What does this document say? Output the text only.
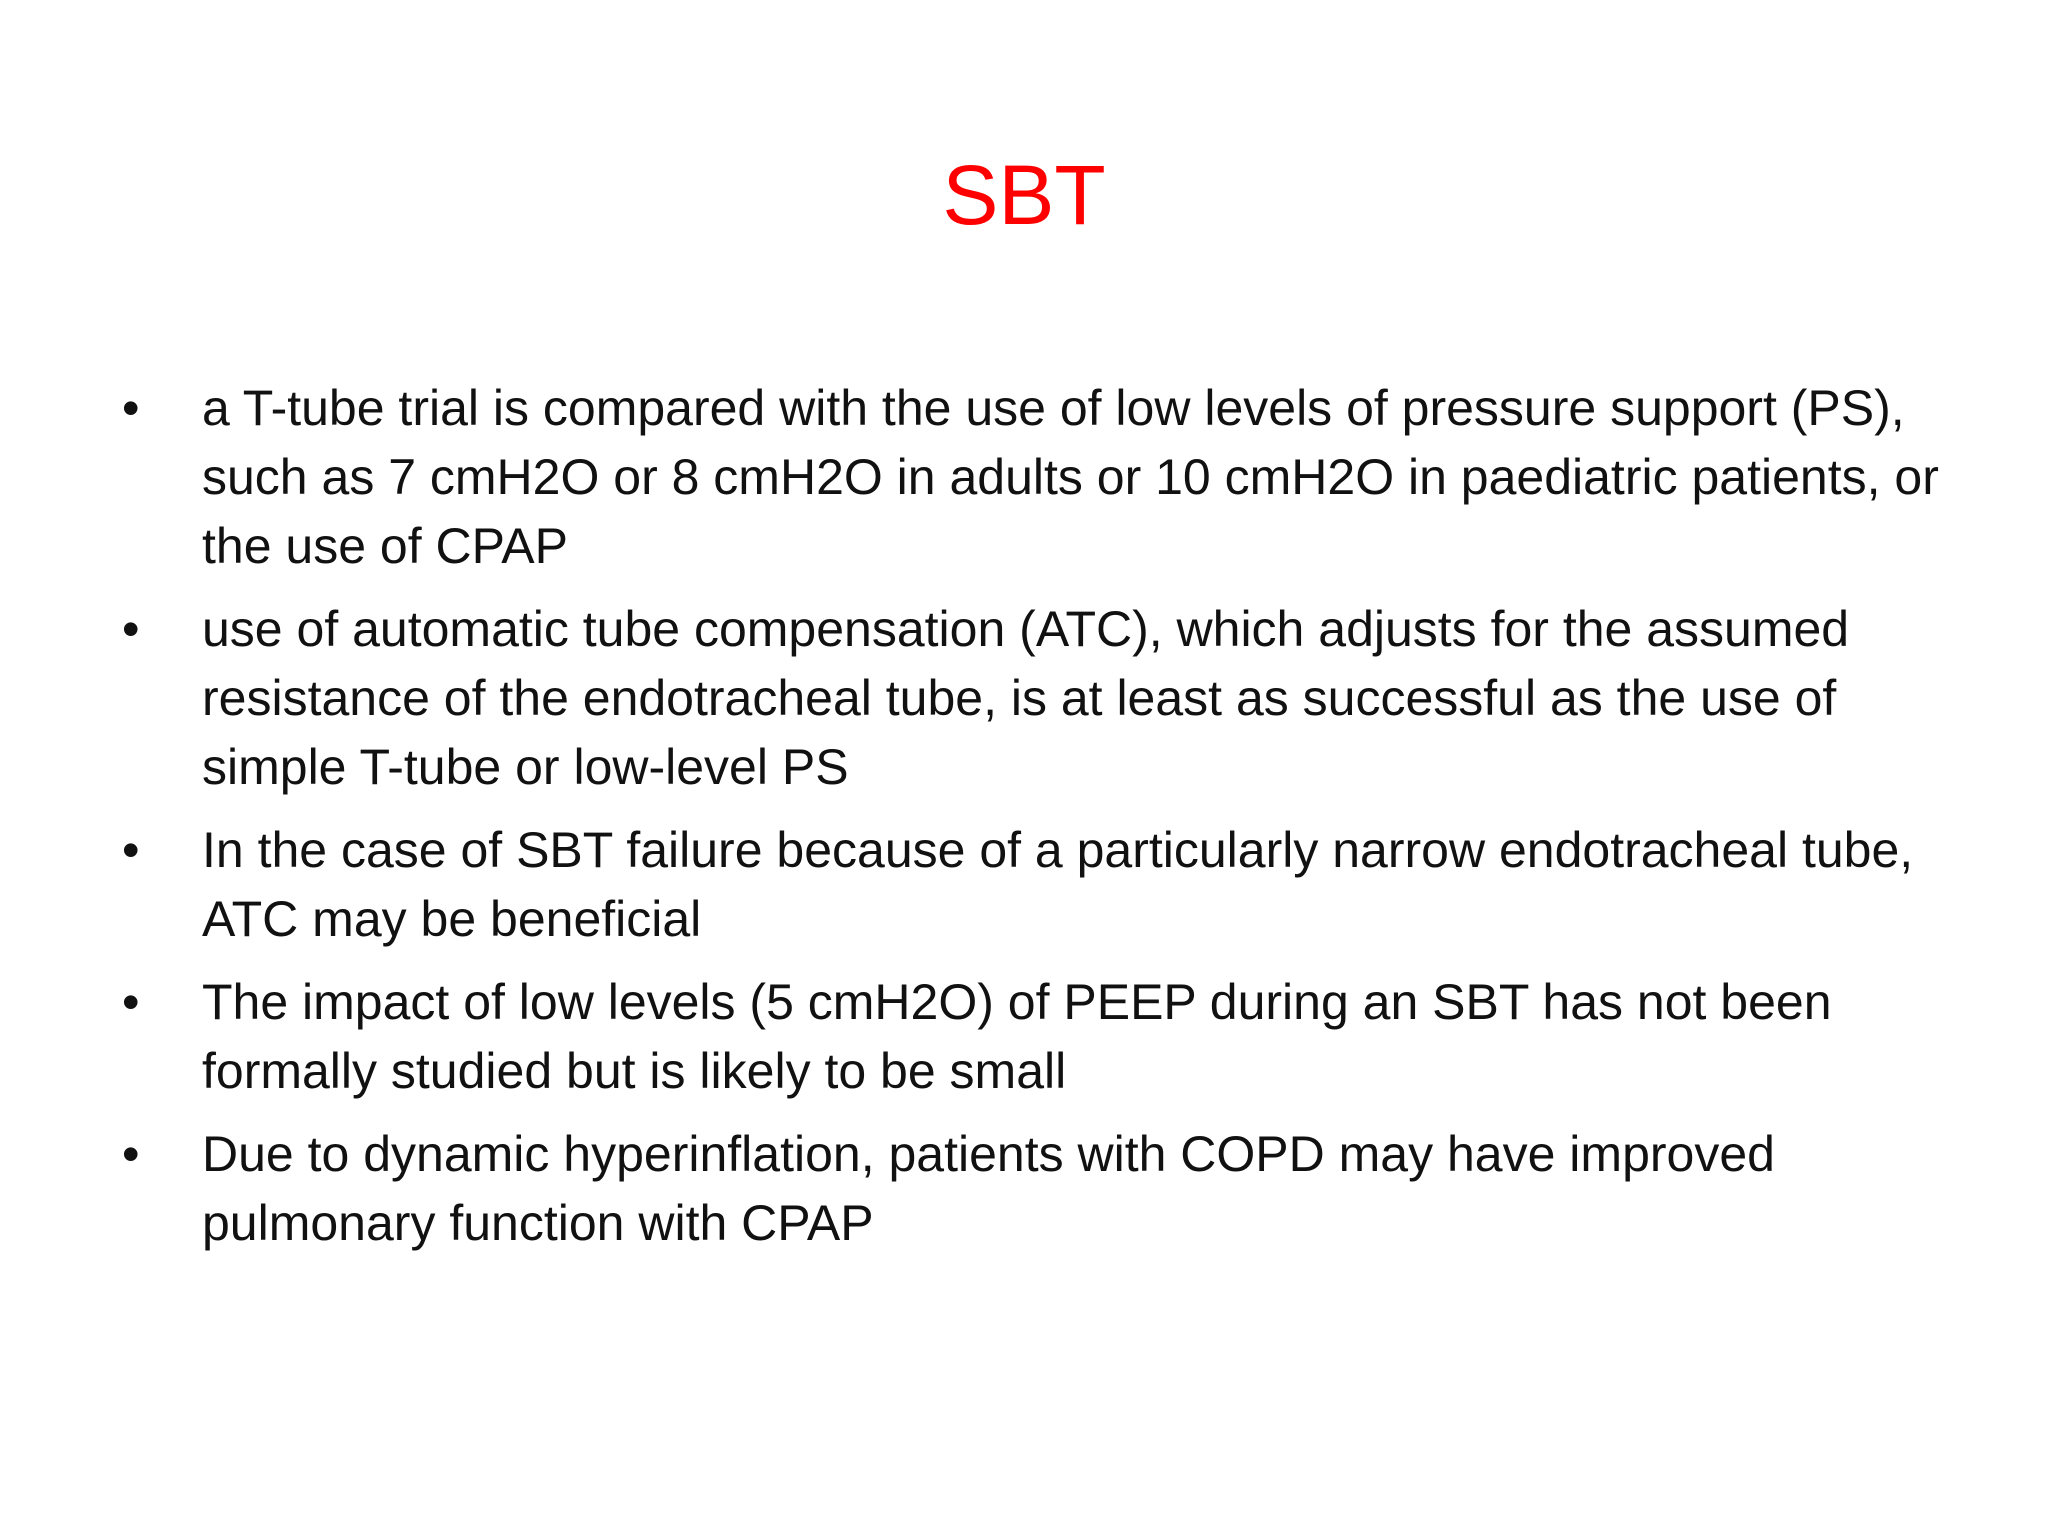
SBT
• a T-tube trial is compared with the use of low levels of pressure support (PS), such as 7 cmH2O or 8 cmH2O in adults or 10 cmH2O in paediatric patients, or the use of CPAP
• use of automatic tube compensation (ATC), which adjusts for the assumed resistance of the endotracheal tube, is at least as successful as the use of simple T-tube or low-level PS
• In the case of SBT failure because of a particularly narrow endotracheal tube, ATC may be beneficial
• The impact of low levels (5 cmH2O) of PEEP during an SBT has not been formally studied but is likely to be small
• Due to dynamic hyperinflation, patients with COPD may have improved pulmonary function with CPAP
